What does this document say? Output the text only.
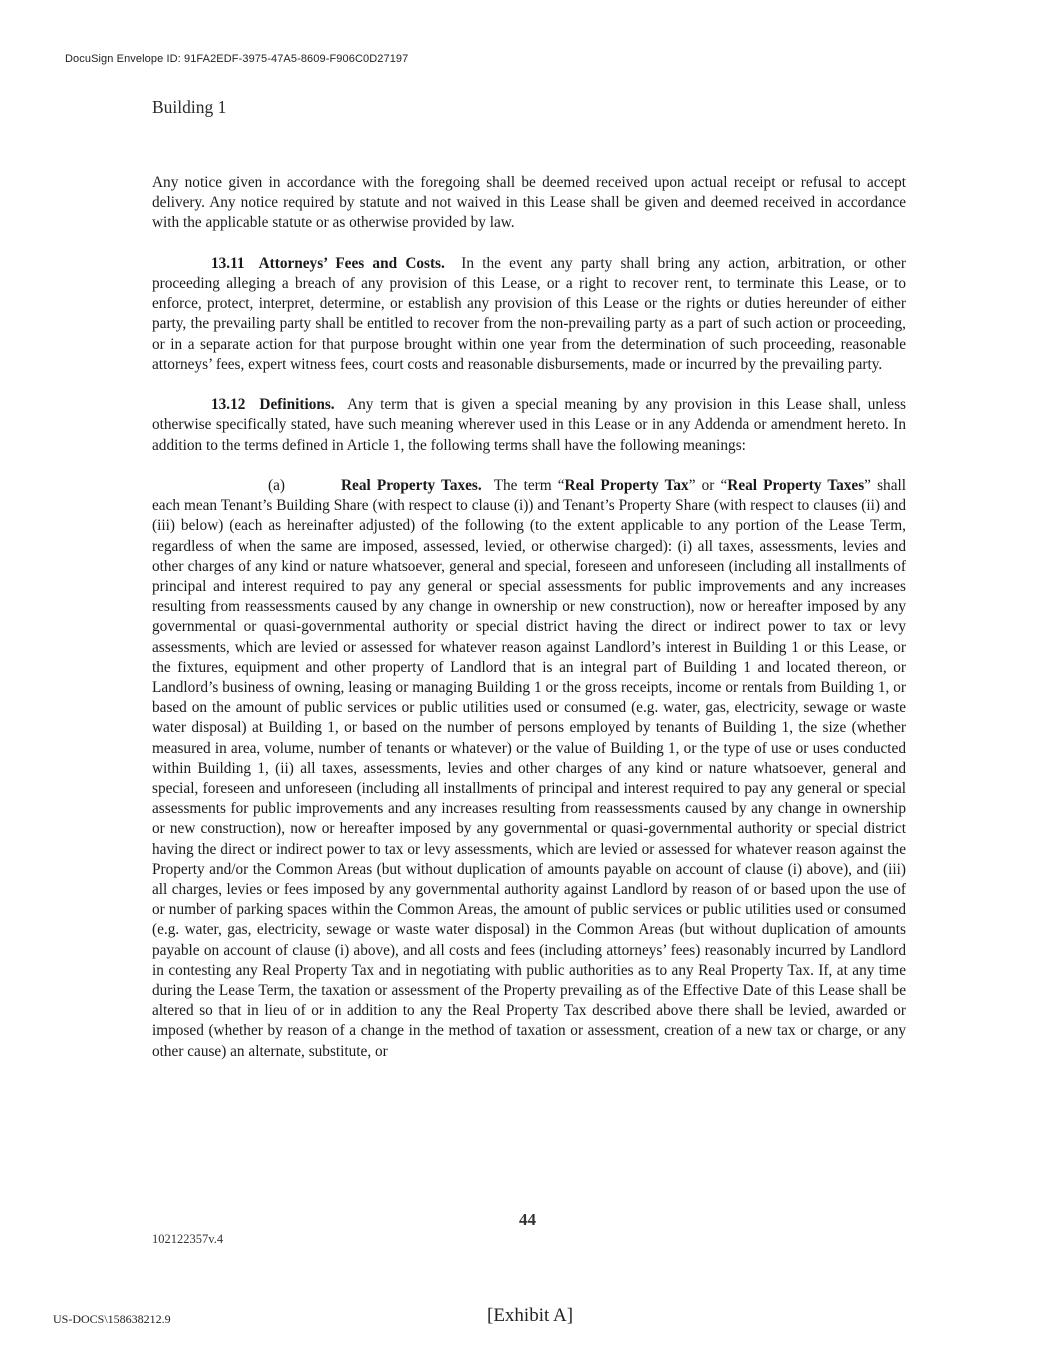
DocuSign Envelope ID: 91FA2EDF-3975-47A5-8609-F906C0D27197
Building 1

Any notice given in accordance with the foregoing shall be deemed received upon actual receipt or refusal to accept delivery. Any notice required by statute and not waived in this Lease shall be given and deemed received in accordance with the applicable statute or as otherwise provided by law.

13.11 Attorneys’ Fees and Costs. In the event any party shall bring any action, arbitration, or other proceeding alleging a breach of any provision of this Lease, or a right to recover rent, to terminate this Lease, or to enforce, protect, interpret, determine, or establish any provision of this Lease or the rights or duties hereunder of either party, the prevailing party shall be entitled to recover from the non-prevailing party as a part of such action or proceeding, or in a separate action for that purpose brought within one year from the determination of such proceeding, reasonable attorneys’ fees, expert witness fees, court costs and reasonable disbursements, made or incurred by the prevailing party.

13.12 Definitions. Any term that is given a special meaning by any provision in this Lease shall, unless otherwise specifically stated, have such meaning wherever used in this Lease or in any Addenda or amendment hereto. In addition to the terms defined in Article 1, the following terms shall have the following meanings:

(a)	Real Property Taxes. The term “Real Property Tax” or “Real Property Taxes” shall each mean Tenant’s Building Share (with respect to clause (i)) and Tenant’s Property Share (with respect to clauses (ii) and (iii) below) (each as hereinafter adjusted) of the following (to the extent applicable to any portion of the Lease Term, regardless of when the same are imposed, assessed, levied, or otherwise charged): (i) all taxes, assessments, levies and other charges of any kind or nature whatsoever, general and special, foreseen and unforeseen (including all installments of principal and interest required to pay any general or special assessments for public improvements and any increases resulting from reassessments caused by any change in ownership or new construction), now or hereafter imposed by any governmental or quasi-governmental authority or special district having the direct or indirect power to tax or levy assessments, which are levied or assessed for whatever reason against Landlord’s interest in Building 1 or this Lease, or the fixtures, equipment and other property of Landlord that is an integral part of Building 1 and located thereon, or Landlord’s business of owning, leasing or managing Building 1 or the gross receipts, income or rentals from Building 1, or based on the amount of public services or public utilities used or consumed (e.g. water, gas, electricity, sewage or waste water disposal) at Building 1, or based on the number of persons employed by tenants of Building 1, the size (whether measured in area, volume, number of tenants or whatever) or the value of Building 1, or the type of use or uses conducted within Building 1, (ii) all taxes, assessments, levies and other charges of any kind or nature whatsoever, general and special, foreseen and unforeseen (including all installments of principal and interest required to pay any general or special assessments for public improvements and any increases resulting from reassessments caused by any change in ownership or new construction), now or hereafter imposed by any governmental or quasi-governmental authority or special district having the direct or indirect power to tax or levy assessments, which are levied or assessed for whatever reason against the Property and/or the Common Areas (but without duplication of amounts payable on account of clause (i) above), and (iii) all charges, levies or fees imposed by any governmental authority against Landlord by reason of or based upon the use of or number of parking spaces within the Common Areas, the amount of public services or public utilities used or consumed (e.g. water, gas, electricity, sewage or waste water disposal) in the Common Areas (but without duplication of amounts payable on account of clause (i) above), and all costs and fees (including attorneys’ fees) reasonably incurred by Landlord in contesting any Real Property Tax and in negotiating with public authorities as to any Real Property Tax. If, at any time during the Lease Term, the taxation or assessment of the Property prevailing as of the Effective Date of this Lease shall be altered so that in lieu of or in addition to any the Real Property Tax described above there shall be levied, awarded or imposed (whether by reason of a change in the method of taxation or assessment, creation of a new tax or charge, or any other cause) an alternate, substitute, or

44
102122357v.4
US-DOCS\158638212.9	[Exhibit A]
